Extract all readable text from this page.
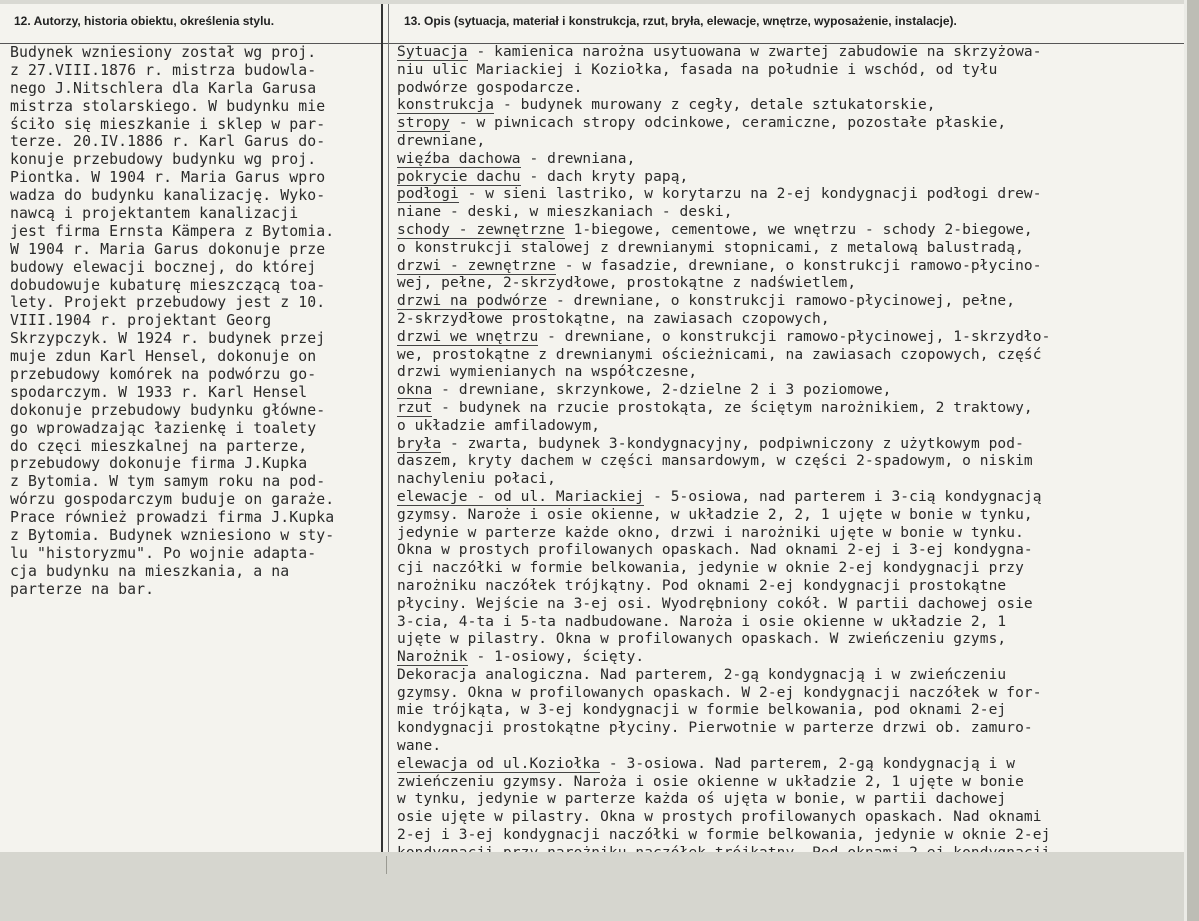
12. Autorzy, historia obiektu, określenia stylu.	13. Opis (sytuacja, materiał i konstrukcja, rzut, bryła, elewacje, wnętrze, wyposażenie, instalacje).
Budynek wzniesiony został wg proj.
z 27.VIII.1876 r. mistrza budowla-
nego J.Nitschlera dla Karla Garusa
mistrza stolarskiego. W budynku mie
ściło się mieszkanie i sklep w par-
terze. 20.IV.1886 r. Karl Garus do-
konuje przebudowy budynku wg proj.
Piontka. W 1904 r. Maria Garus wpro
wadza do budynku kanalizację. Wyko-
nawcą i projektantem kanalizacji
jest firma Ernsta Kämpera z Bytomia.
W 1904 r. Maria Garus dokonuje prze
budowy elewacji bocznej, do której
dobudowuje kubaturę mieszczącą toa-
lety. Projekt przebudowy jest z 10.
VIII.1904 r. projektant Georg
Skrzypczyk. W 1924 r. budynek przej
muje zdun Karl Hensel, dokonuje on
przebudowy komórek na podwórzu go-
spodarczym. W 1933 r. Karl Hensel
dokonuje przebudowy budynku głównе-
go wprowadzając łazienkę i toalety
do częci mieszkalnej na parterze,
przebudowy dokonuje firma J.Kupka
z Bytomia. W tym samym roku na pod-
wórzu gospodarczym buduje on garaże.
Prace również prowadzi firma J.Kupka
z Bytomia. Budynek wzniesiono w sty-
lu "historyzmu". Po wojnie adapta-
cja budynku na mieszkania, a na
parterze na bar.
Sytuacja - kamienica narożna usytuowana w zwartej zabudowie na skrzyżowa-
niu ulic Mariackiej i Koziołka, fasada na południe i wschód, od tyłu
podwórze gospodarcze.
konstrukcja - budynek murowany z cegły, detale sztukatorskie,
stropy - w piwnicach stropy odcinkowe, ceramiczne, pozostałe płaskie,
drewniane,
więźba dachowa - drewniana,
pokrycie dachu - dach kryty papą,
podłogi - w sieni lastriko, w korytarzu na 2-ej kondygnacji podłogi drew-
niane - deski, w mieszkaniach - deski,
schody - zewnętrzne 1-biegowe, cementowe, we wnętrzu - schody 2-biegowe,
o konstrukcji stalowej z drewnianymi stopnicami, z metalową balustradą,
drzwi - zewnętrzne - w fasadzie, drewniane, o konstrukcji ramowo-płycino-
wej, pełne, 2-skrzydłowe, prostokątne z nadświetlem,
drzwi na podwórze - drewniane, o konstrukcji ramowo-płycinowej, pełne,
2-skrzydłowe prostokątne, na zawiasach czopowych,
drzwi we wnętrzu - drewniane, o konstrukcji ramowo-płycinowej, 1-skrzydło-
we, prostokątne z drewnianymi ościeżnicami, na zawiasach czopowych, część
drzwi wymienianych na współczesne,
okna - drewniane, skrzynkowe, 2-dzielne 2 i 3 poziomowe,
rzut - budynek na rzucie prostokąta, ze ściętym narożnikiem, 2 traktowy,
o układzie amfiladowym,
bryła - zwarta, budynek 3-kondygnacyjny, podpiwniczony z użytkowym pod-
daszem, kryty dachem w części mansardowym, w części 2-spadowym, o niskim
nachyleniu połaci,
elewacje - od ul. Mariackiej - 5-osiowa, nad parterem i 3-cią kondygnacją
gzymsy. Naroże i osie okienne, w układzie 2, 2, 1 ujęte w bonie w tynku,
jedynie w parterze każde okno, drzwi i narożniki ujęte w bonie w tynku.
Okna w prostych profilowanych opaskach. Nad oknami 2-ej i 3-ej kondygna-
cji naczółki w formie belkowania, jedynie w oknie 2-ej kondygnacji przy
narożniku naczółek trójkątny. Pod oknami 2-ej kondygnacji prostokątne
płyciny. Wejście na 3-ej osi. Wyodrębniony cokół. W partii dachowej osie
3-cia, 4-ta i 5-ta nadbudowane. Naroża i osie okienne w układzie 2, 1
ujęte w pilastry. Okna w profilowanych opaskach. W zwieńczeniu gzyms,
Narożnik - 1-osiowy, ścięty.
Dekoracja analogiczna. Nad parterem, 2-gą kondygnacją i w zwieńczeniu
gzymsy. Okna w profilowanych opaskach. W 2-ej kondygnacji naczółek w for-
mie trójkąta, w 3-ej kondygnacji w formie belkowania, pod oknami 2-ej
kondygnacji prostokątne płyciny. Pierwotnie w parterze drzwi ob. zamuro-
wane.
elewacja od ul.Koziołka - 3-osiowa. Nad parterem, 2-gą kondygnacją i w
zwieńczeniu gzymsy. Naroża i osie okienne w układzie 2, 1 ujęte w bonie
w tynku, jedynie w parterze każda oś ujęta w bonie, w partii dachowej
osie ujęte w pilastry. Okna w prostych profilowanych opaskach. Nad oknami
2-ej i 3-ej kondygnacji naczółki w formie belkowania, jedynie w oknie 2-ej
